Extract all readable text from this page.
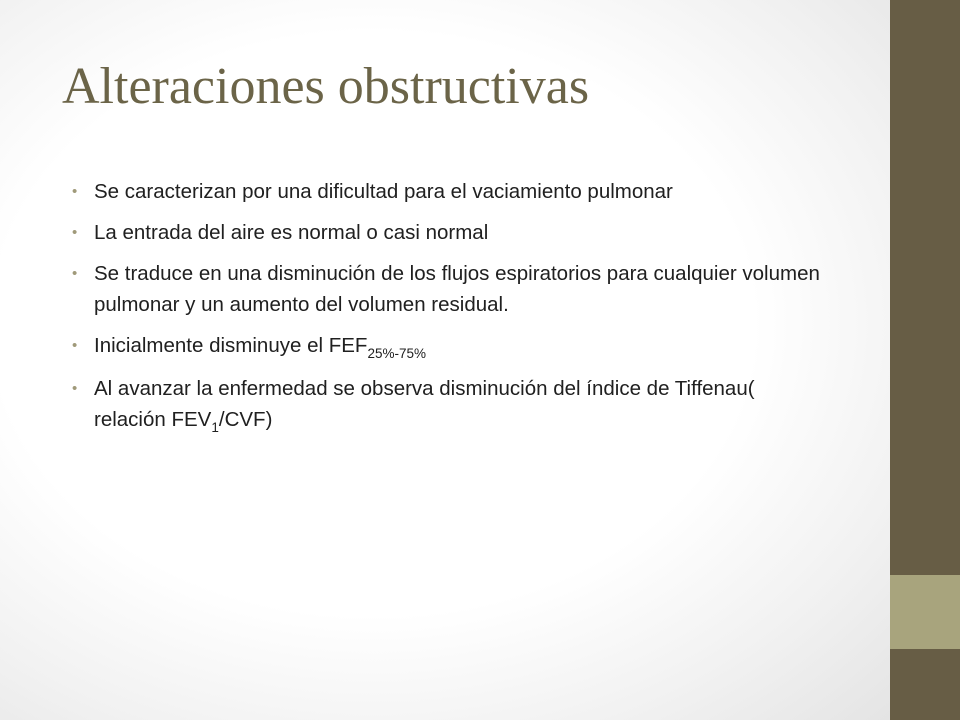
Alteraciones obstructivas
• Se caracterizan por una dificultad para el vaciamiento pulmonar
• La entrada del aire es normal o casi normal
• Se traduce en una disminución de los flujos espiratorios para cualquier volumen pulmonar y un aumento del volumen residual.
• Inicialmente disminuye el $FEF_{25\%-75\%}$
• Al avanzar la enfermedad se observa disminución del índice de Tiffenau( relación $FEV_1/CVF$)
